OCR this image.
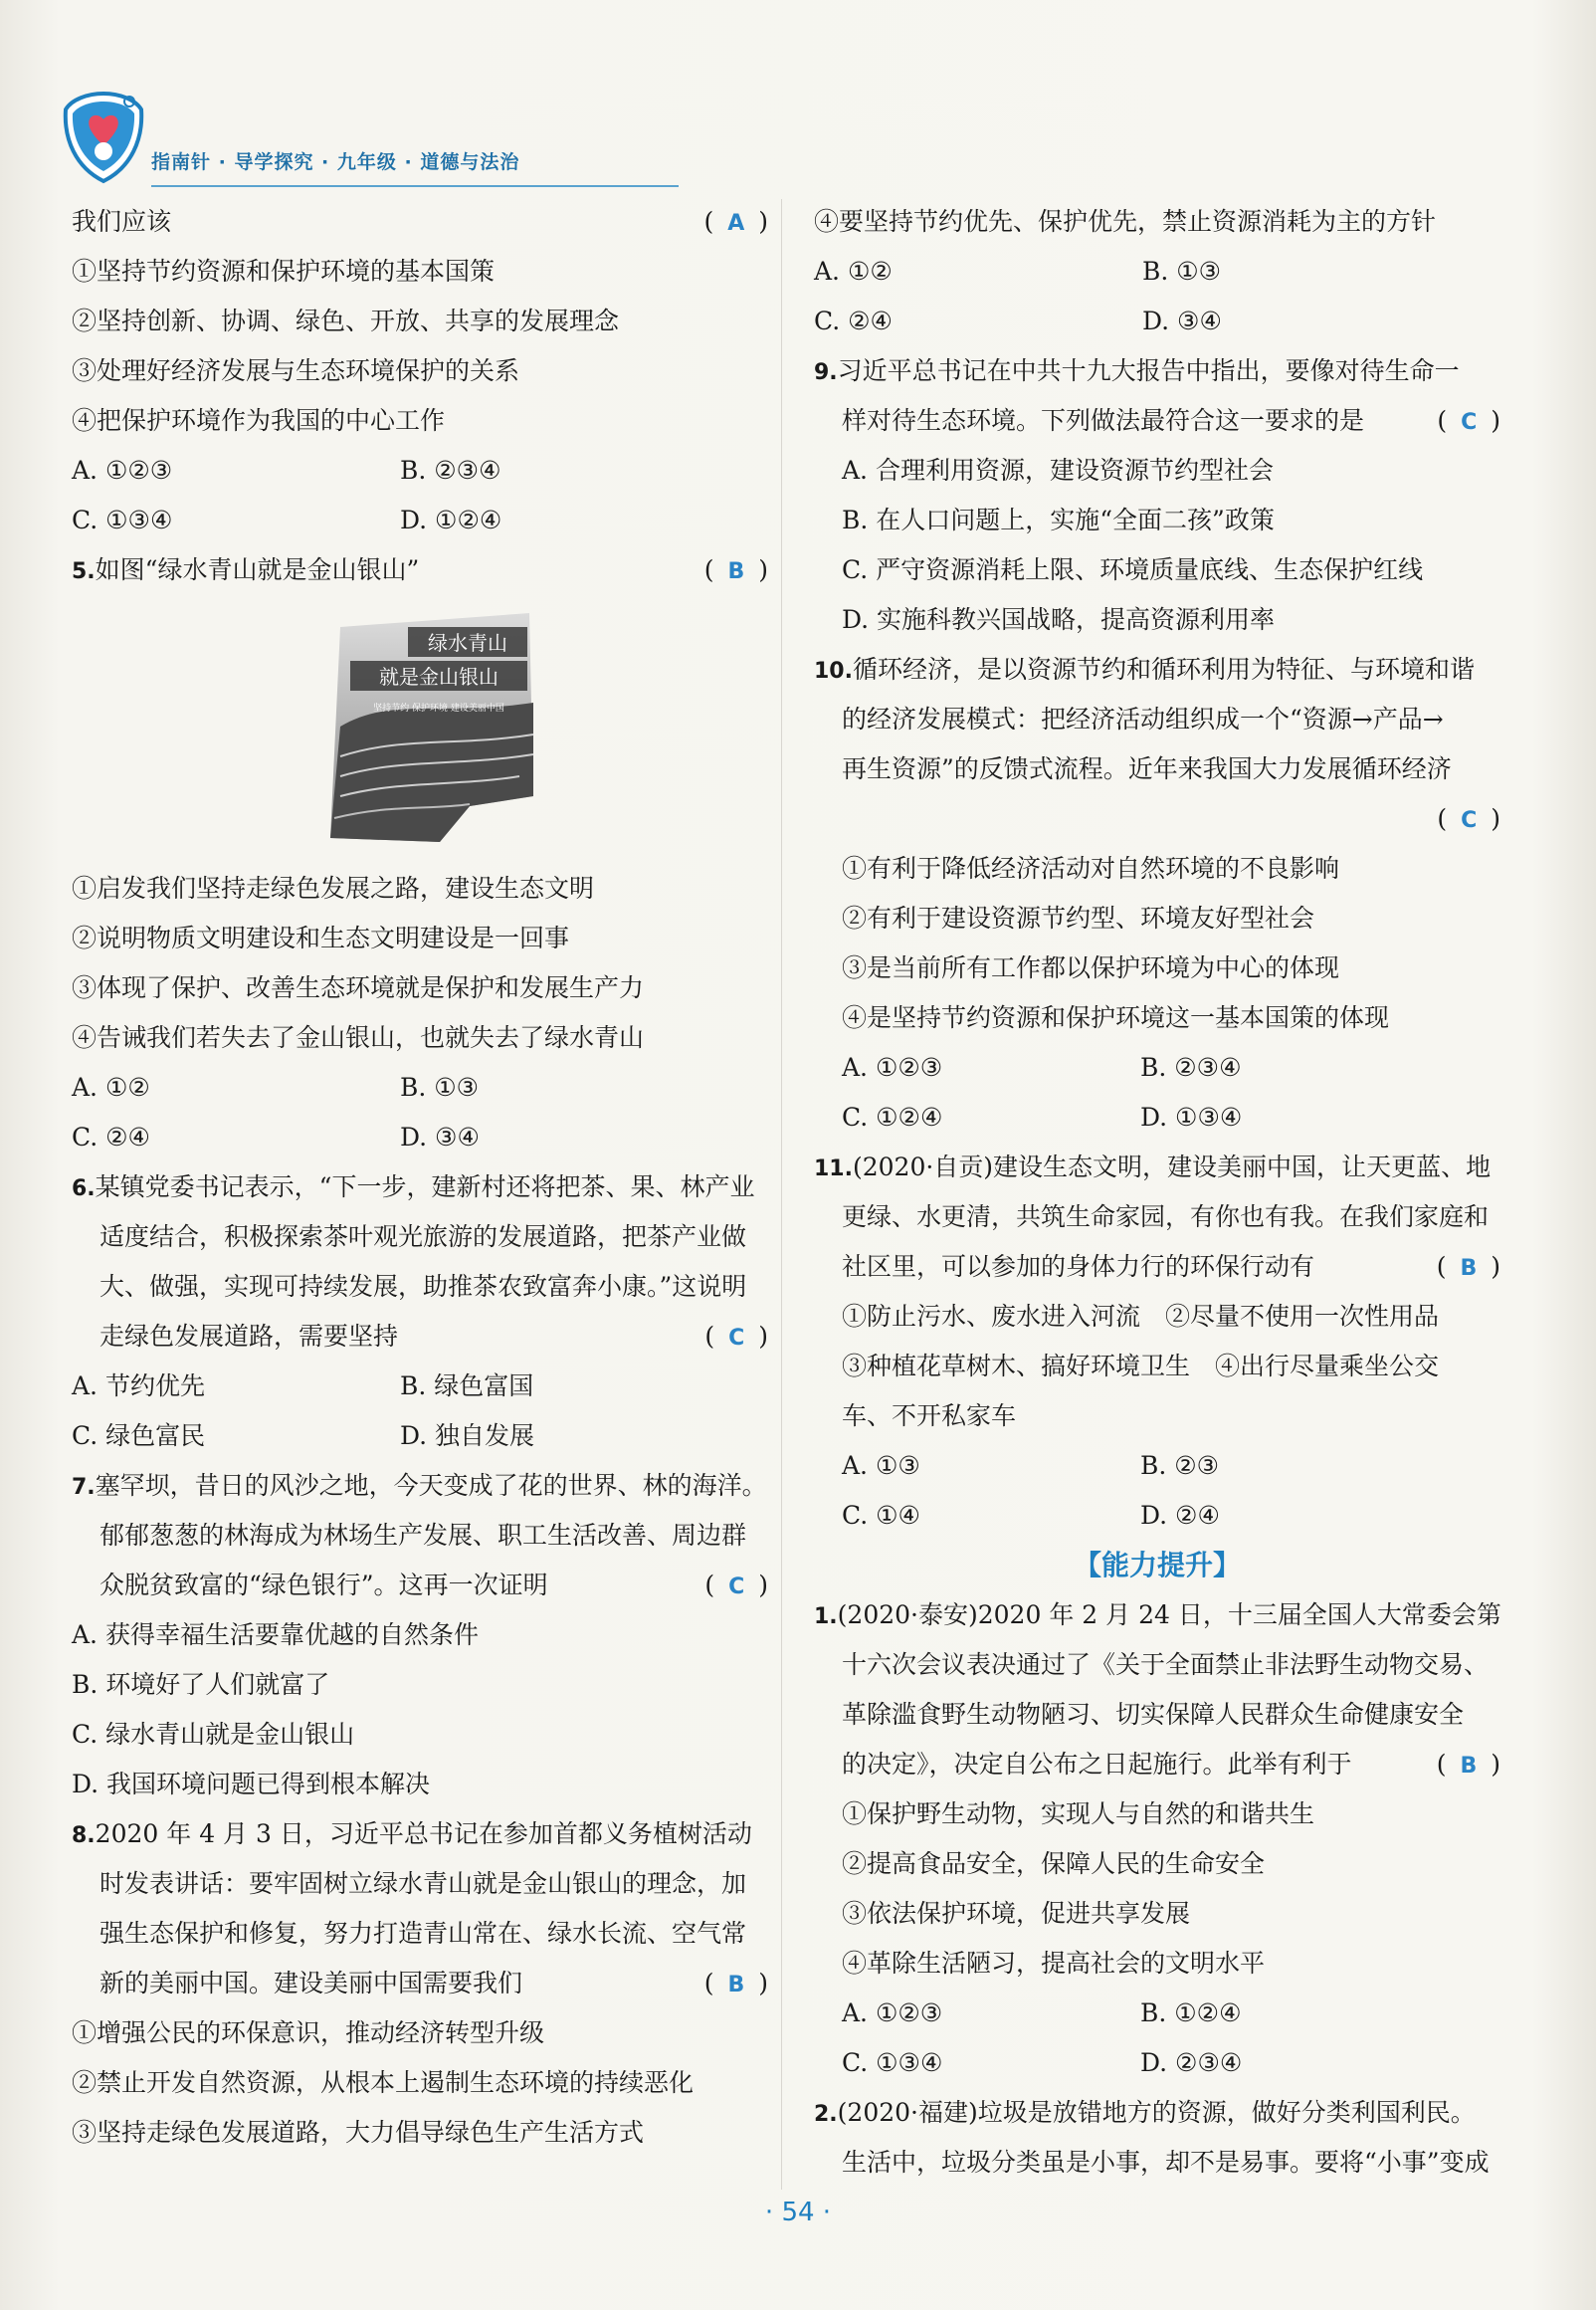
指南针 · 导学探究 · 九年级 · 道德与法治
我们应该	( A )
①坚持节约资源和保护环境的基本国策
②坚持创新、协调、绿色、开放、共享的发展理念
③处理好经济发展与生态环境保护的关系
④把保护环境作为我国的中心工作
A. ①②③	B. ②③④
C. ①③④	D. ①②④
5.如图“绿水青山就是金山银山”	( B )
绿水青山
就是金山银山
坚持节约 保护环境 建设美丽中国
①启发我们坚持走绿色发展之路，建设生态文明
②说明物质文明建设和生态文明建设是一回事
③体现了保护、改善生态环境就是保护和发展生产力
④告诫我们若失去了金山银山，也就失去了绿水青山
A. ①②	B. ①③
C. ②④	D. ③④
6.某镇党委书记表示，“下一步，建新村还将把茶、果、林产业
适度结合，积极探索茶叶观光旅游的发展道路，把茶产业做
大、做强，实现可持续发展，助推茶农致富奔小康。”这说明
走绿色发展道路，需要坚持	( C )
A. 节约优先	B. 绿色富国
C. 绿色富民	D. 独自发展
7.塞罕坝，昔日的风沙之地，今天变成了花的世界、林的海洋。
郁郁葱葱的林海成为林场生产发展、职工生活改善、周边群
众脱贫致富的“绿色银行”。这再一次证明	( C )
A. 获得幸福生活要靠优越的自然条件
B. 环境好了人们就富了
C. 绿水青山就是金山银山
D. 我国环境问题已得到根本解决
8.2020 年 4 月 3 日，习近平总书记在参加首都义务植树活动
时发表讲话：要牢固树立绿水青山就是金山银山的理念，加
强生态保护和修复，努力打造青山常在、绿水长流、空气常
新的美丽中国。建设美丽中国需要我们	( B )
①增强公民的环保意识，推动经济转型升级
②禁止开发自然资源，从根本上遏制生态环境的持续恶化
③坚持走绿色发展道路，大力倡导绿色生产生活方式
④要坚持节约优先、保护优先，禁止资源消耗为主的方针
A. ①②	B. ①③
C. ②④	D. ③④
9.习近平总书记在中共十九大报告中指出，要像对待生命一
样对待生态环境。下列做法最符合这一要求的是	( C )
A. 合理利用资源，建设资源节约型社会
B. 在人口问题上，实施“全面二孩”政策
C. 严守资源消耗上限、环境质量底线、生态保护红线
D. 实施科教兴国战略，提高资源利用率
10.循环经济，是以资源节约和循环利用为特征、与环境和谐
的经济发展模式：把经济活动组织成一个“资源→产品→
再生资源”的反馈式流程。近年来我国大力发展循环经济
( C )
①有利于降低经济活动对自然环境的不良影响
②有利于建设资源节约型、环境友好型社会
③是当前所有工作都以保护环境为中心的体现
④是坚持节约资源和保护环境这一基本国策的体现
A. ①②③	B. ②③④
C. ①②④	D. ①③④
11.(2020·自贡)建设生态文明，建设美丽中国，让天更蓝、地
更绿、水更清，共筑生命家园，有你也有我。在我们家庭和
社区里，可以参加的身体力行的环保行动有	( B )
①防止污水、废水进入河流　②尽量不使用一次性用品
③种植花草树木、搞好环境卫生　④出行尽量乘坐公交
车、不开私家车
A. ①③	B. ②③
C. ①④	D. ②④
【能力提升】
1.(2020·泰安)2020 年 2 月 24 日，十三届全国人大常委会第
十六次会议表决通过了《关于全面禁止非法野生动物交易、
革除滥食野生动物陋习、切实保障人民群众生命健康安全
的决定》，决定自公布之日起施行。此举有利于	( B )
①保护野生动物，实现人与自然的和谐共生
②提高食品安全，保障人民的生命安全
③依法保护环境，促进共享发展
④革除生活陋习，提高社会的文明水平
A. ①②③	B. ①②④
C. ①③④	D. ②③④
2.(2020·福建)垃圾是放错地方的资源，做好分类利国利民。
生活中，垃圾分类虽是小事，却不是易事。要将“小事”变成
· 54 ·
